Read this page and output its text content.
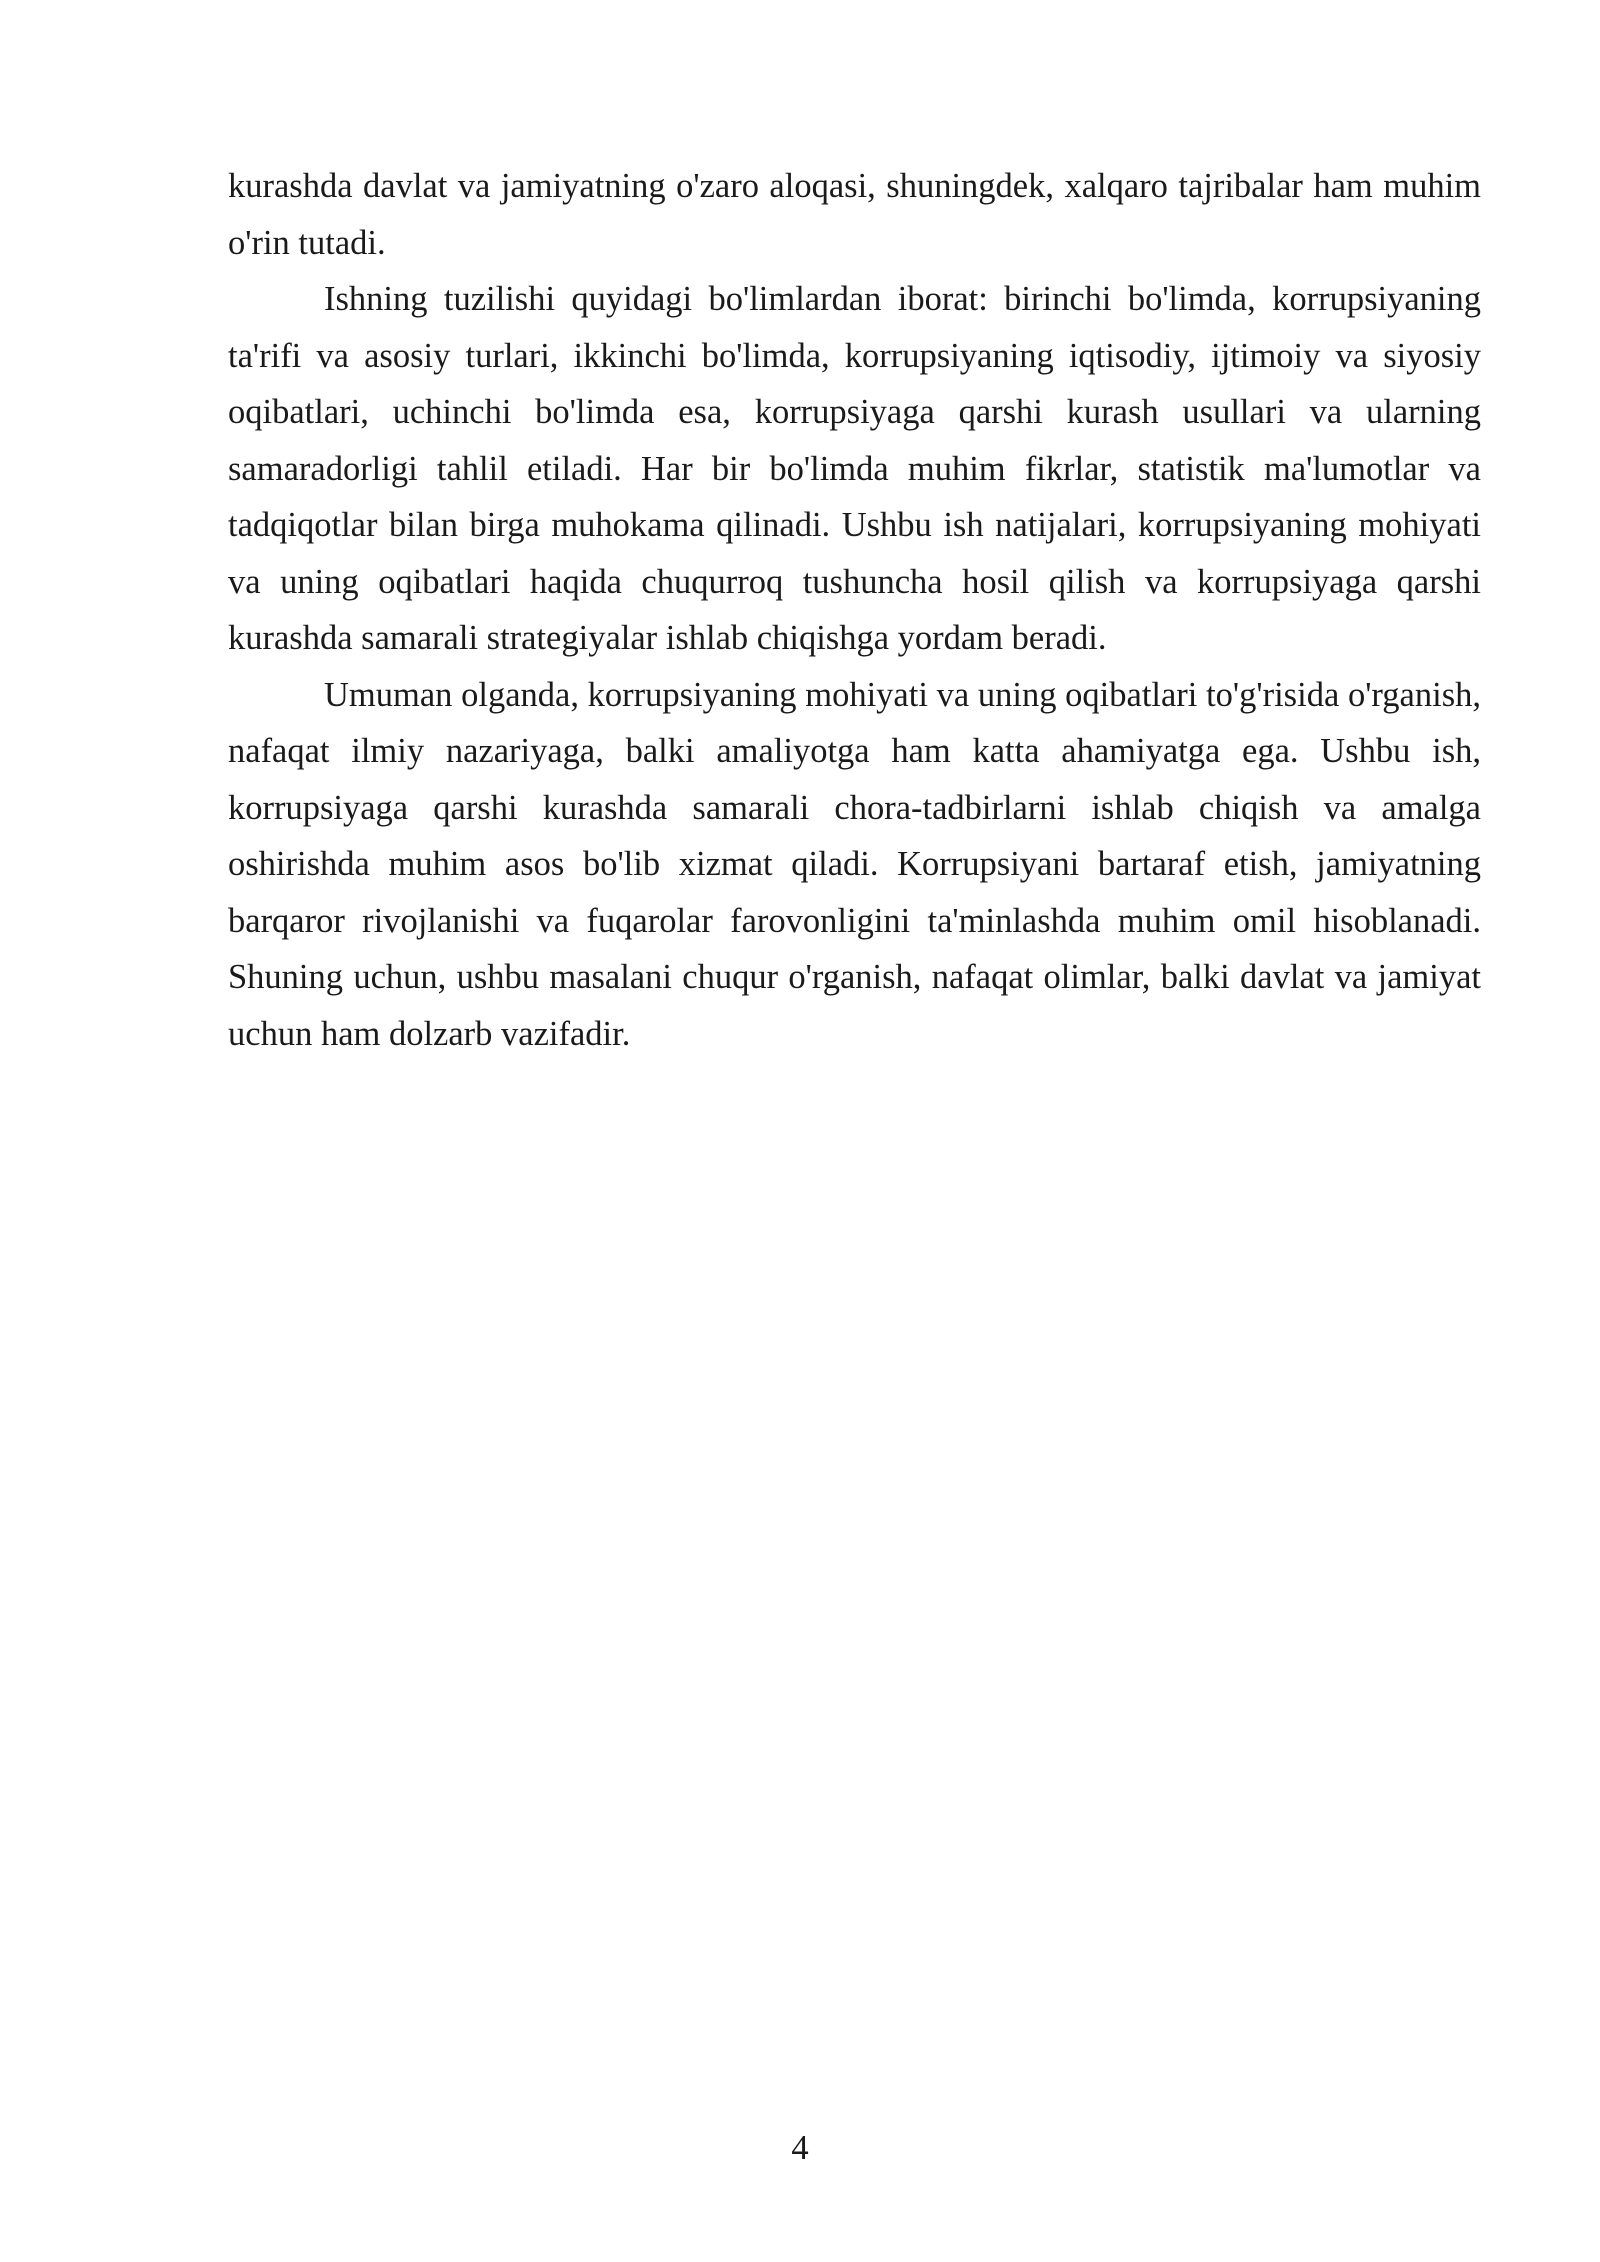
kurashda davlat va jamiyatning o'zaro aloqasi, shuningdek, xalqaro tajribalar ham muhim o'rin tutadi.

Ishning tuzilishi quyidagi bo'limlardan iborat: birinchi bo'limda, korrupsiyaning ta'rifi va asosiy turlari, ikkinchi bo'limda, korrupsiyaning iqtisodiy, ijtimoiy va siyosiy oqibatlari, uchinchi bo'limda esa, korrupsiyaga qarshi kurash usullari va ularning samaradorligi tahlil etiladi. Har bir bo'limda muhim fikrlar, statistik ma'lumotlar va tadqiqotlar bilan birga muhokama qilinadi. Ushbu ish natijalari, korrupsiyaning mohiyati va uning oqibatlari haqida chuqurroq tushuncha hosil qilish va korrupsiyaga qarshi kurashda samarali strategiyalar ishlab chiqishga yordam beradi.

Umuman olganda, korrupsiyaning mohiyati va uning oqibatlari to'g'risida o'rganish, nafaqat ilmiy nazariyaga, balki amaliyotga ham katta ahamiyatga ega. Ushbu ish, korrupsiyaga qarshi kurashda samarali chora-tadbirlarni ishlab chiqish va amalga oshirishda muhim asos bo'lib xizmat qiladi. Korrupsiyani bartaraf etish, jamiyatning barqaror rivojlanishi va fuqarolar farovonligini ta'minlashda muhim omil hisoblanadi. Shuning uchun, ushbu masalani chuqur o'rganish, nafaqat olimlar, balki davlat va jamiyat uchun ham dolzarb vazifadir.

4
